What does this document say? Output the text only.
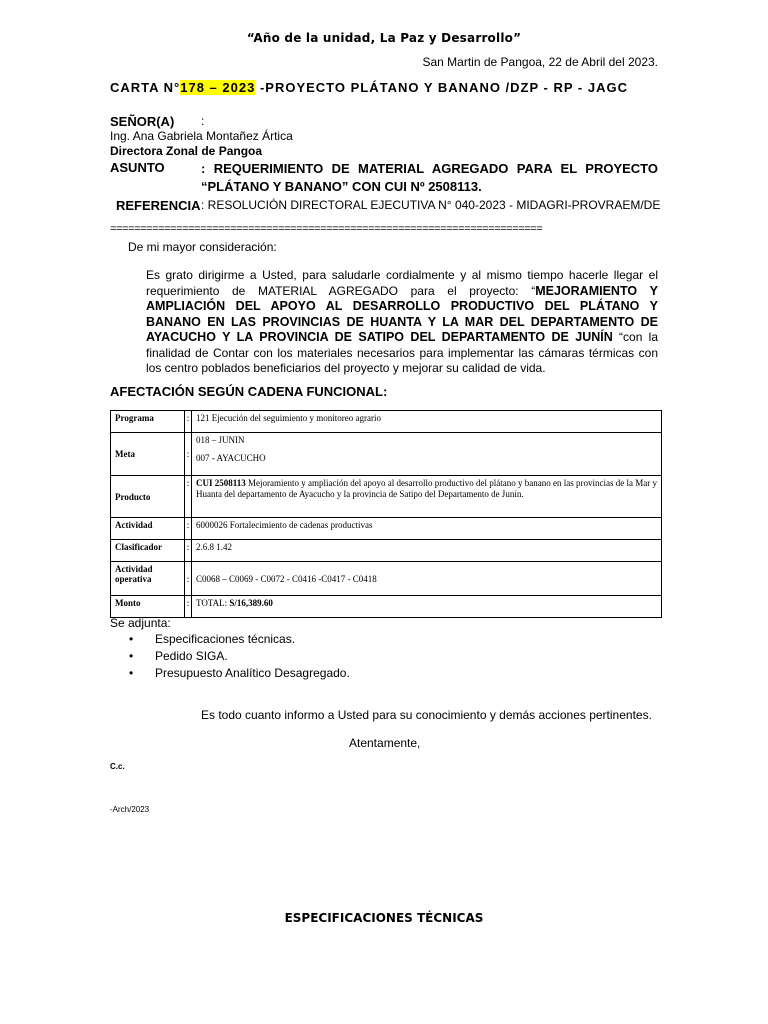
“Año de la unidad, La Paz y Desarrollo”
San Martin de Pangoa, 22 de Abril del 2023.
CARTA N°178 – 2023 -PROYECTO PLÁTANO Y BANANO /DZP - RP - JAGC
SEÑOR(A) :
Ing. Ana Gabriela Montañez Ártica
Directora Zonal de Pangoa
ASUNTO	: REQUERIMIENTO DE MATERIAL AGREGADO PARA EL PROYECTO “PLÁTANO Y BANANO” CON CUI Nº 2508113.
REFERENCIA : RESOLUCIÓN DIRECTORAL EJECUTIVA N° 040-2023 - MIDAGRI-PROVRAEM/DE
========================================================================
De mi mayor consideración:
Es grato dirigirme a Usted, para saludarle cordialmente y al mismo tiempo hacerle llegar el requerimiento de MATERIAL AGREGADO para el proyecto: “MEJORAMIENTO Y AMPLIACIÓN DEL APOYO AL DESARROLLO PRODUCTIVO DEL PLÁTANO Y BANANO EN LAS PROVINCIAS DE HUANTA Y LA MAR DEL DEPARTAMENTO DE AYACUCHO Y LA PROVINCIA DE SATIPO DEL DEPARTAMENTO DE JUNÍN “con la finalidad de Contar con los materiales necesarios para implementar las cámaras térmicas con los centro poblados beneficiarios del proyecto y mejorar su calidad de vida.
AFECTACIÓN SEGÚN CADENA FUNCIONAL:
Programa	:	121 Ejecución del seguimiento y monitoreo agrario
Meta	:	018 – JUNIN
007 - AYACUCHO

Producto	:	CUI 2508113 Mejoramiento y ampliación del apoyo al desarrollo productivo del plátano y banano en las provincias de la Mar y Huanta del departamento de Ayacucho y la provincia de Satipo del Departamento de Junín.
Actividad	:	6000026 Fortalecimiento de cadenas productivas
Clasificador	:	2.6.8 1.42
Actividad operativa	:	C0068 – C0069 - C0072 - C0416 -C0417 - C0418
Monto	:	TOTAL: S/16,389.60
Se adjunta:
• Especificaciones técnicas.
• Pedido SIGA.
• Presupuesto Analítico Desagregado.
Es todo cuanto informo a Usted para su conocimiento y demás acciones pertinentes.
Atentamente,
C.c.
-Arch/2023
ESPECIFICACIONES TÉCNICAS
